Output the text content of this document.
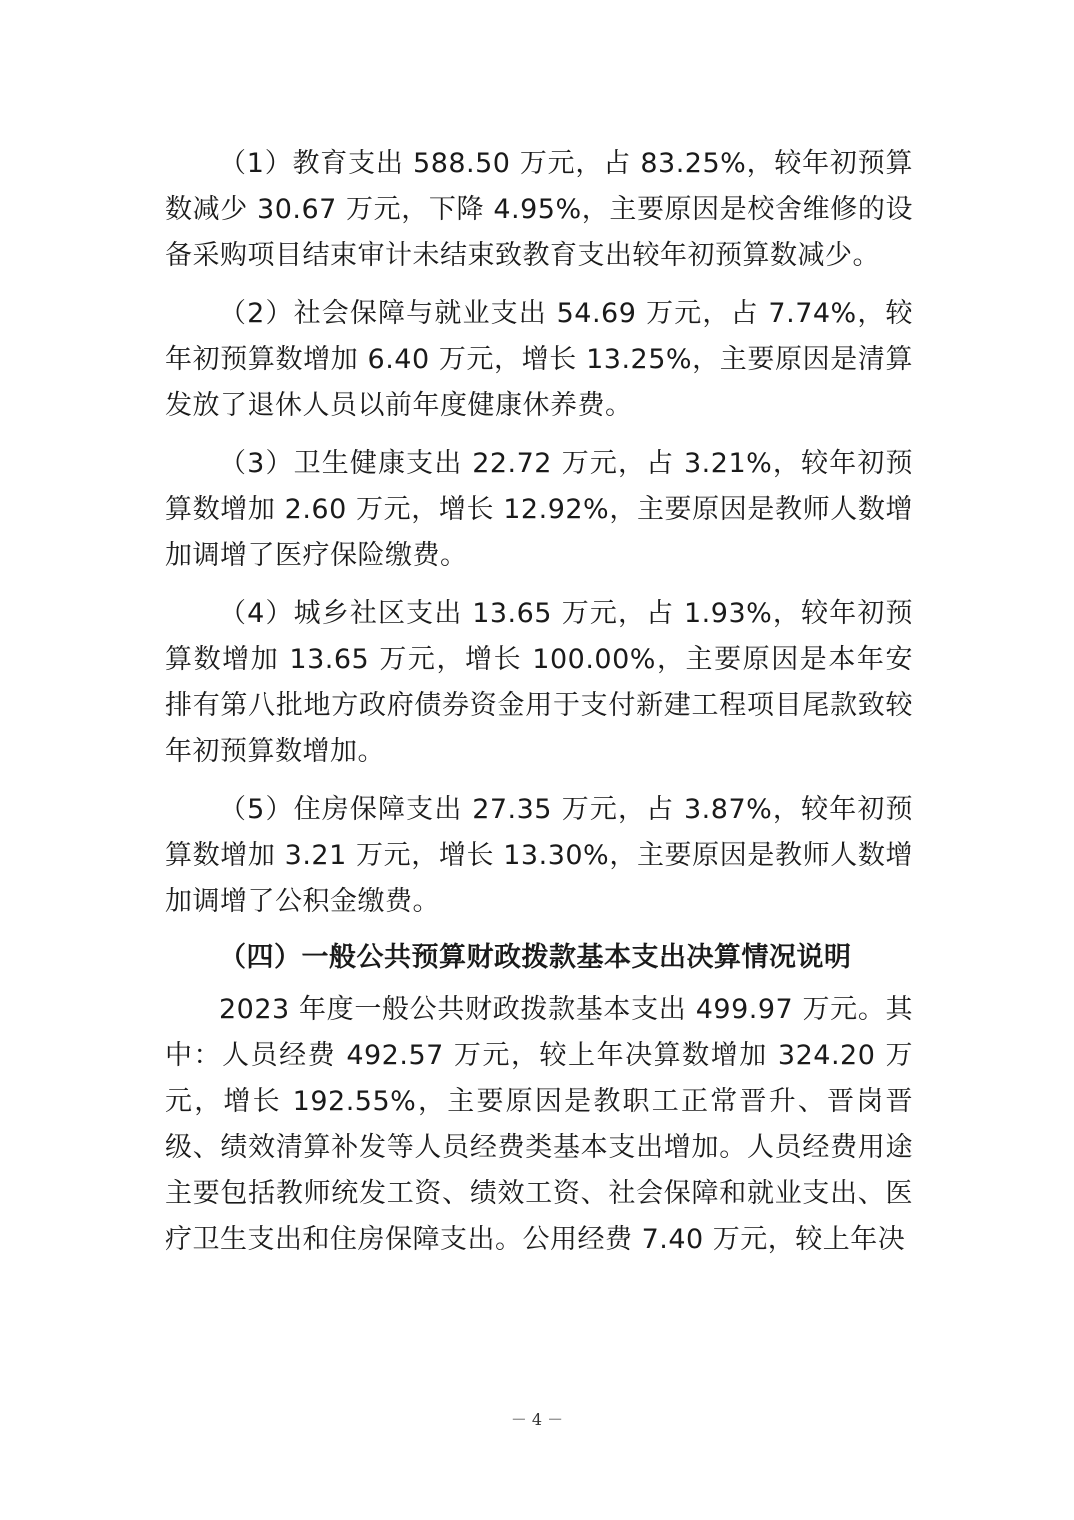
（1）教育支出 588.50 万元，占 83.25%，较年初预算数减少 30.67 万元，下降 4.95%，主要原因是校舍维修的设备采购项目结束审计未结束致教育支出较年初预算数减少。

（2）社会保障与就业支出 54.69 万元，占 7.74%，较年初预算数增加 6.40 万元，增长 13.25%，主要原因是清算发放了退休人员以前年度健康休养费。

（3）卫生健康支出 22.72 万元，占 3.21%，较年初预算数增加 2.60 万元，增长 12.92%，主要原因是教师人数增加调增了医疗保险缴费。

（4）城乡社区支出 13.65 万元，占 1.93%，较年初预算数增加 13.65 万元，增长 100.00%，主要原因是本年安排有第八批地方政府债券资金用于支付新建工程项目尾款致较年初预算数增加。

（5）住房保障支出 27.35 万元，占 3.87%，较年初预算数增加 3.21 万元，增长 13.30%，主要原因是教师人数增加调增了公积金缴费。

（四）一般公共预算财政拨款基本支出决算情况说明

2023 年度一般公共财政拨款基本支出 499.97 万元。其中：人员经费 492.57 万元，较上年决算数增加 324.20 万元，增长 192.55%，主要原因是教职工正常晋升、晋岗晋级、绩效清算补发等人员经费类基本支出增加。人员经费用途主要包括教师统发工资、绩效工资、社会保障和就业支出、医疗卫生支出和住房保障支出。公用经费 7.40 万元，较上年决

－ 4 －
